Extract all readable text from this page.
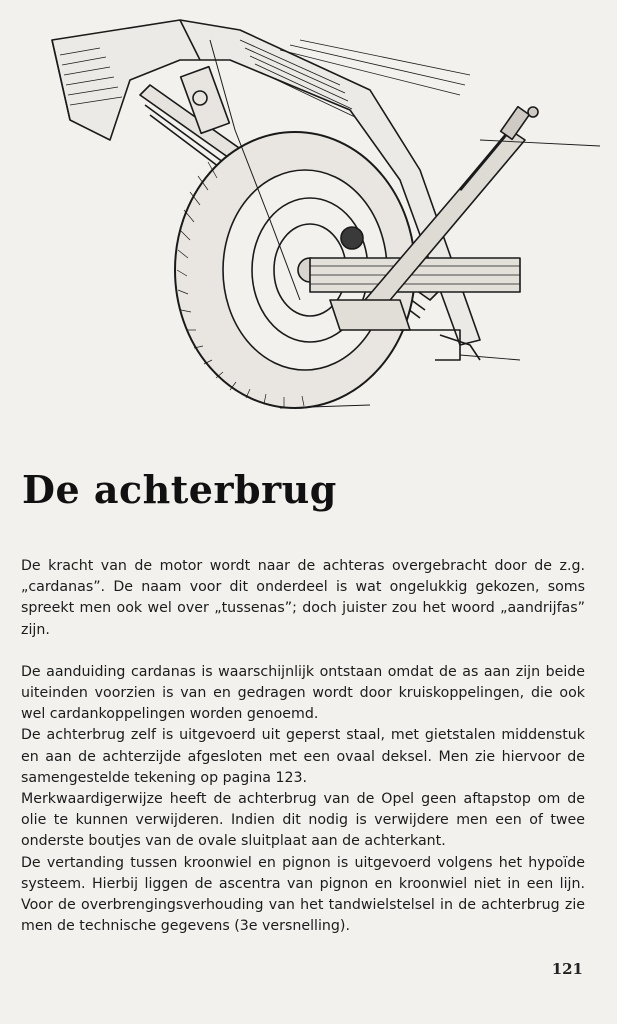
De achterbrug

De kracht van de motor wordt naar de achteras overgebracht door de z.g. „cardanas”. De naam voor dit onderdeel is wat ongelukkig gekozen, soms spreekt men ook wel over „tussenas”; doch juister zou het woord „aandrijfas” zijn.

De aanduiding cardanas is waarschijnlijk ontstaan omdat de as aan zijn beide uiteinden voorzien is van en gedragen wordt door kruiskoppelingen, die ook wel cardankoppelingen worden genoemd.

De achterbrug zelf is uitgevoerd uit geperst staal, met gietstalen middenstuk en aan de achterzijde afgesloten met een ovaal deksel. Men zie hiervoor de samengestelde tekening op pagina 123.

Merkwaardigerwijze heeft de achterbrug van de Opel geen aftapstop om de olie te kunnen verwijderen. Indien dit nodig is verwijdere men een of twee onderste boutjes van de ovale sluitplaat aan de achterkant.

De vertanding tussen kroonwiel en pignon is uitgevoerd volgens het hypoïde systeem. Hierbij liggen de ascentra van pignon en kroonwiel niet in een lijn. Voor de overbrengingsverhouding van het tandwielstelsel in de achterbrug zie men de technische gegevens (3e versnelling).

121
